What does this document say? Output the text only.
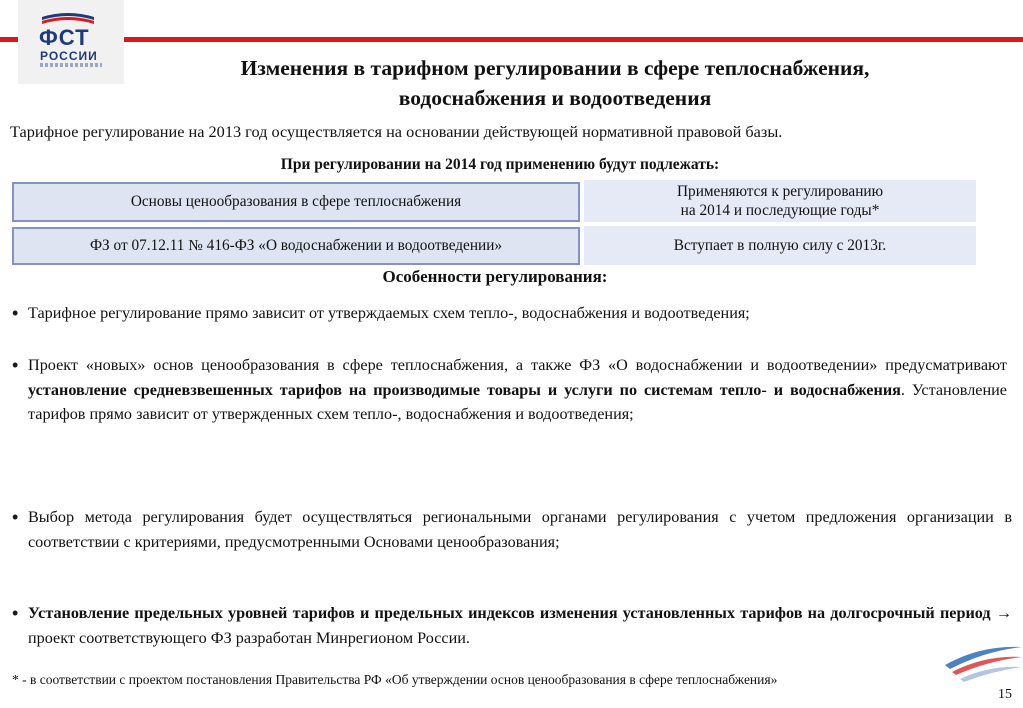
ФСТ
РОССИИ	Изменения в тарифном регулировании в сфере теплоснабжения,
водоснабжения и водоотведения
Тарифное регулирование на 2013 год осуществляется на основании действующей нормативной правовой базы.
При регулировании на 2014 год применению будут подлежать:
Основы ценообразования в сфере теплоснабжения
Применяются к регулированию
на 2014 и последующие годы*
ФЗ от 07.12.11 № 416-ФЗ «О водоснабжении и водоотведении»	Вступает в полную силу с 2013г.
Особенности регулирования:
• Тарифное регулирование прямо зависит от утверждаемых схем тепло-, водоснабжения и водоотведения;
• Проект «новых» основ ценообразования в сфере теплоснабжения, а также ФЗ «О водоснабжении и водоотведении» предусматривают установление средневзвешенных тарифов на производимые товары и услуги по системам тепло- и водоснабжения. Установление тарифов прямо зависит от утвержденных схем тепло-, водоснабжения и водоотведения;
• Выбор метода регулирования будет осуществляться региональными органами регулирования с учетом предложения организации в соответствии с критериями, предусмотренными Основами ценообразования;
• Установление предельных уровней тарифов и предельных индексов изменения установленных тарифов на долгосрочный период → проект соответствующего ФЗ разработан Минрегионом России.
* - в соответствии с проектом постановления Правительства РФ «Об утверждении основ ценообразования в сфере теплоснабжения»
15
